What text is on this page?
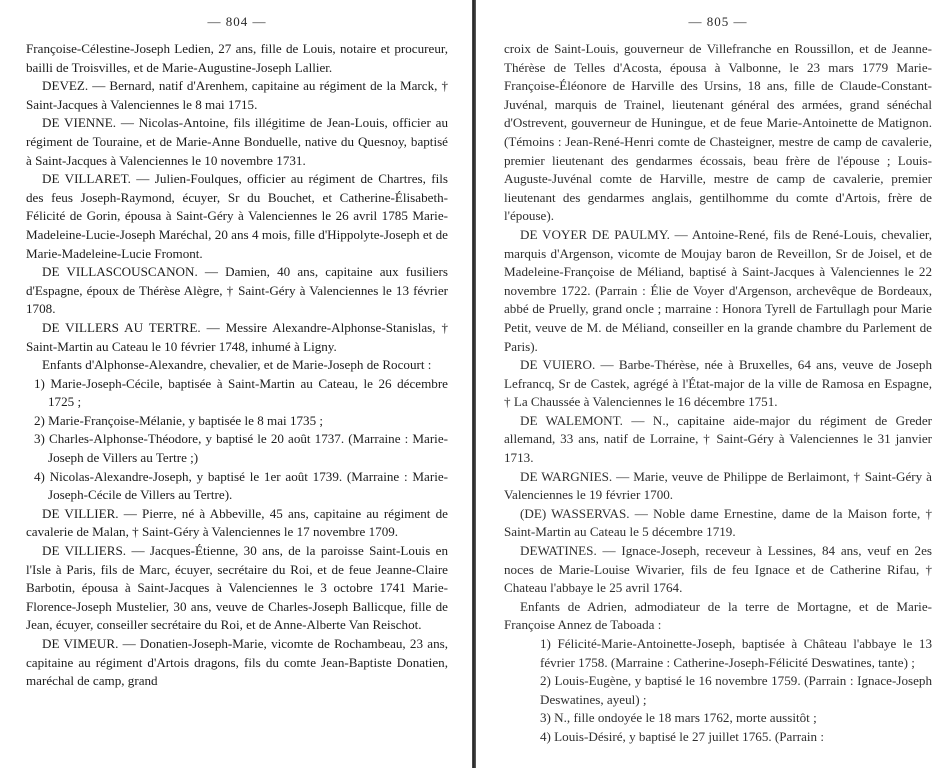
— 804 —

Françoise-Célestine-Joseph Ledien, 27 ans, fille de Louis, notaire et procureur, bailli de Troisvilles, et de Marie-Augustine-Joseph Lallier.

DEVEZ. — Bernard, natif d'Arenhem, capitaine au régiment de la Marck, † Saint-Jacques à Valenciennes le 8 mai 1715.

DE VIENNE. — Nicolas-Antoine, fils illégitime de Jean-Louis, officier au régiment de Touraine, et de Marie-Anne Bonduelle, native du Quesnoy, baptisé à Saint-Jacques à Valenciennes le 10 novembre 1731.

DE VILLARET. — Julien-Foulques, officier au régiment de Chartres, fils des feus Joseph-Raymond, écuyer, Sr du Bouchet, et Catherine-Élisabeth-Félicité de Gorin, épousa à Saint-Géry à Valenciennes le 26 avril 1785 Marie-Madeleine-Lucie-Joseph Maréchal, 20 ans 4 mois, fille d'Hippolyte-Joseph et de Marie-Madeleine-Lucie Fromont.

DE VILLASCOUSCANON. — Damien, 40 ans, capitaine aux fusiliers d'Espagne, époux de Thérèse Alègre, † Saint-Géry à Valenciennes le 13 février 1708.

DE VILLERS AU TERTRE. — Messire Alexandre-Alphonse-Stanislas, † Saint-Martin au Cateau le 10 février 1748, inhumé à Ligny.

Enfants d'Alphonse-Alexandre, chevalier, et de Marie-Joseph de Rocourt :

1) Marie-Joseph-Cécile, baptisée à Saint-Martin au Cateau, le 26 décembre 1725 ;

2) Marie-Françoise-Mélanie, y baptisée le 8 mai 1735 ;

3) Charles-Alphonse-Théodore, y baptisé le 20 août 1737. (Marraine : Marie-Joseph de Villers au Tertre ;)

4) Nicolas-Alexandre-Joseph, y baptisé le 1er août 1739. (Marraine : Marie-Joseph-Cécile de Villers au Tertre).

DE VILLIER. — Pierre, né à Abbeville, 45 ans, capitaine au régiment de cavalerie de Malan, † Saint-Géry à Valenciennes le 17 novembre 1709.

DE VILLIERS. — Jacques-Étienne, 30 ans, de la paroisse Saint-Louis en l'Isle à Paris, fils de Marc, écuyer, secrétaire du Roi, et de feue Jeanne-Claire Barbotin, épousa à Saint-Jacques à Valenciennes le 3 octobre 1741 Marie-Florence-Joseph Mustelier, 30 ans, veuve de Charles-Joseph Ballicque, fille de Jean, écuyer, conseiller secrétaire du Roi, et de Anne-Alberte Van Reischot.

DE VIMEUR. — Donatien-Joseph-Marie, vicomte de Rochambeau, 23 ans, capitaine au régiment d'Artois dragons, fils du comte Jean-Baptiste Donatien, maréchal de camp, grand

— 805 —

croix de Saint-Louis, gouverneur de Villefranche en Roussillon, et de Jeanne-Thérèse de Telles d'Acosta, épousa à Valbonne, le 23 mars 1779 Marie-Françoise-Éléonore de Harville des Ursins, 18 ans, fille de Claude-Constant-Juvénal, marquis de Trainel, lieutenant général des armées, grand sénéchal d'Ostrevent, gouverneur de Huningue, et de feue Marie-Antoinette de Matignon. (Témoins : Jean-René-Henri comte de Chasteigner, mestre de camp de cavalerie, premier lieutenant des gendarmes écossais, beau frère de l'épouse ; Louis-Auguste-Juvénal comte de Harville, mestre de camp de cavalerie, premier lieutenant des gendarmes anglais, gentilhomme du comte d'Artois, frère de l'épouse).

DE VOYER DE PAULMY. — Antoine-René, fils de René-Louis, chevalier, marquis d'Argenson, vicomte de Moujay baron de Reveillon, Sr de Joisel, et de Madeleine-Françoise de Méliand, baptisé à Saint-Jacques à Valenciennes le 22 novembre 1722. (Parrain : Élie de Voyer d'Argenson, archevêque de Bordeaux, abbé de Pruelly, grand oncle ; marraine : Honora Tyrell de Fartullagh pour Marie Petit, veuve de M. de Méliand, conseiller en la grande chambre du Parlement de Paris).

DE VUIERO. — Barbe-Thérèse, née à Bruxelles, 64 ans, veuve de Joseph Lefrancq, Sr de Castek, agrégé à l'État-major de la ville de Ramosa en Espagne, † La Chaussée à Valenciennes le 16 décembre 1751.

DE WALEMONT. — N., capitaine aide-major du régiment de Greder allemand, 33 ans, natif de Lorraine, † Saint-Géry à Valenciennes le 31 janvier 1713.

DE WARGNIES. — Marie, veuve de Philippe de Berlaimont, † Saint-Géry à Valenciennes le 19 février 1700.

(DE) WASSERVAS. — Noble dame Ernestine, dame de la Maison forte, † Saint-Martin au Cateau le 5 décembre 1719.

DEWATINES. — Ignace-Joseph, receveur à Lessines, 84 ans, veuf en 2es noces de Marie-Louise Wivarier, fils de feu Ignace et de Catherine Rifau, † Chateau l'abbaye le 25 avril 1764.

Enfants de Adrien, admodiateur de la terre de Mortagne, et de Marie-Françoise Annez de Taboada :

1) Félicité-Marie-Antoinette-Joseph, baptisée à Château l'abbaye le 13 février 1758. (Marraine : Catherine-Joseph-Félicité Deswatines, tante) ;

2) Louis-Eugène, y baptisé le 16 novembre 1759. (Parrain : Ignace-Joseph Deswatines, ayeul) ;

3) N., fille ondoyée le 18 mars 1762, morte aussitôt ;

4) Louis-Désiré, y baptisé le 27 juillet 1765. (Parrain :
